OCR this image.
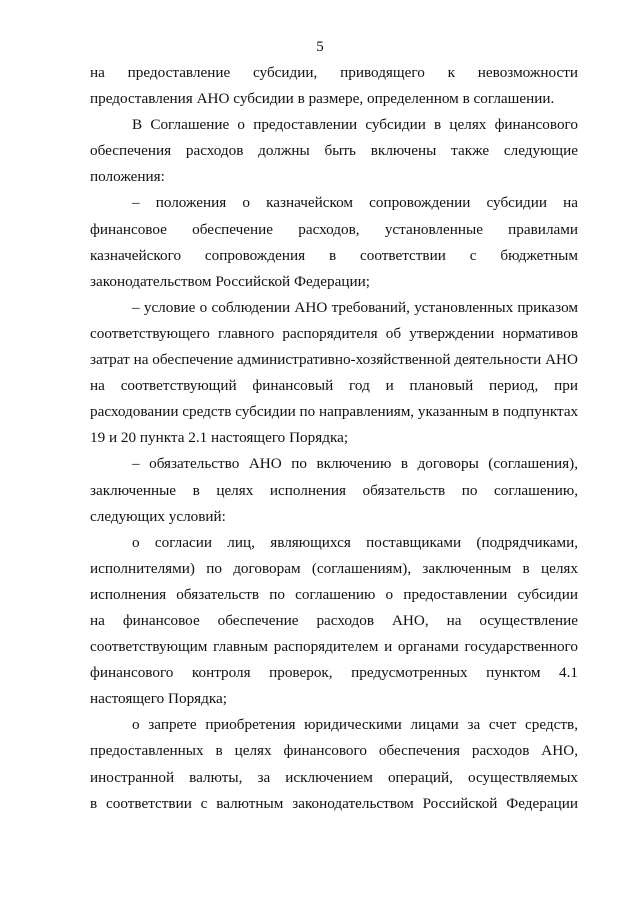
5
на предоставление субсидии, приводящего к невозможности
предоставления АНО субсидии в размере, определенном в соглашении.
В Соглашение о предоставлении субсидии в целях финансового
обеспечения расходов должны быть включены также следующие
положения:
– положения о казначейском сопровождении субсидии на
финансовое обеспечение расходов, установленные правилами
казначейского сопровождения в соответствии с бюджетным
законодательством Российской Федерации;
– условие о соблюдении АНО требований, установленных приказом
соответствующего главного распорядителя об утверждении нормативов
затрат на обеспечение административно-хозяйственной деятельности АНО
на соответствующий финансовый год и плановый период, при
расходовании средств субсидии по направлениям, указанным в подпунктах
19 и 20 пункта 2.1 настоящего Порядка;
– обязательство АНО по включению в договоры (соглашения),
заключенные в целях исполнения обязательств по соглашению,
следующих условий:
о согласии лиц, являющихся поставщиками (подрядчиками,
исполнителями) по договорам (соглашениям), заключенным в целях
исполнения обязательств по соглашению о предоставлении субсидии
на финансовое обеспечение расходов АНО, на осуществление
соответствующим главным распорядителем и органами государственного
финансового контроля проверок, предусмотренных пунктом 4.1
настоящего Порядка;
о запрете приобретения юридическими лицами за счет средств,
предоставленных в целях финансового обеспечения расходов АНО,
иностранной валюты, за исключением операций, осуществляемых
в соответствии с валютным законодательством Российской Федерации
